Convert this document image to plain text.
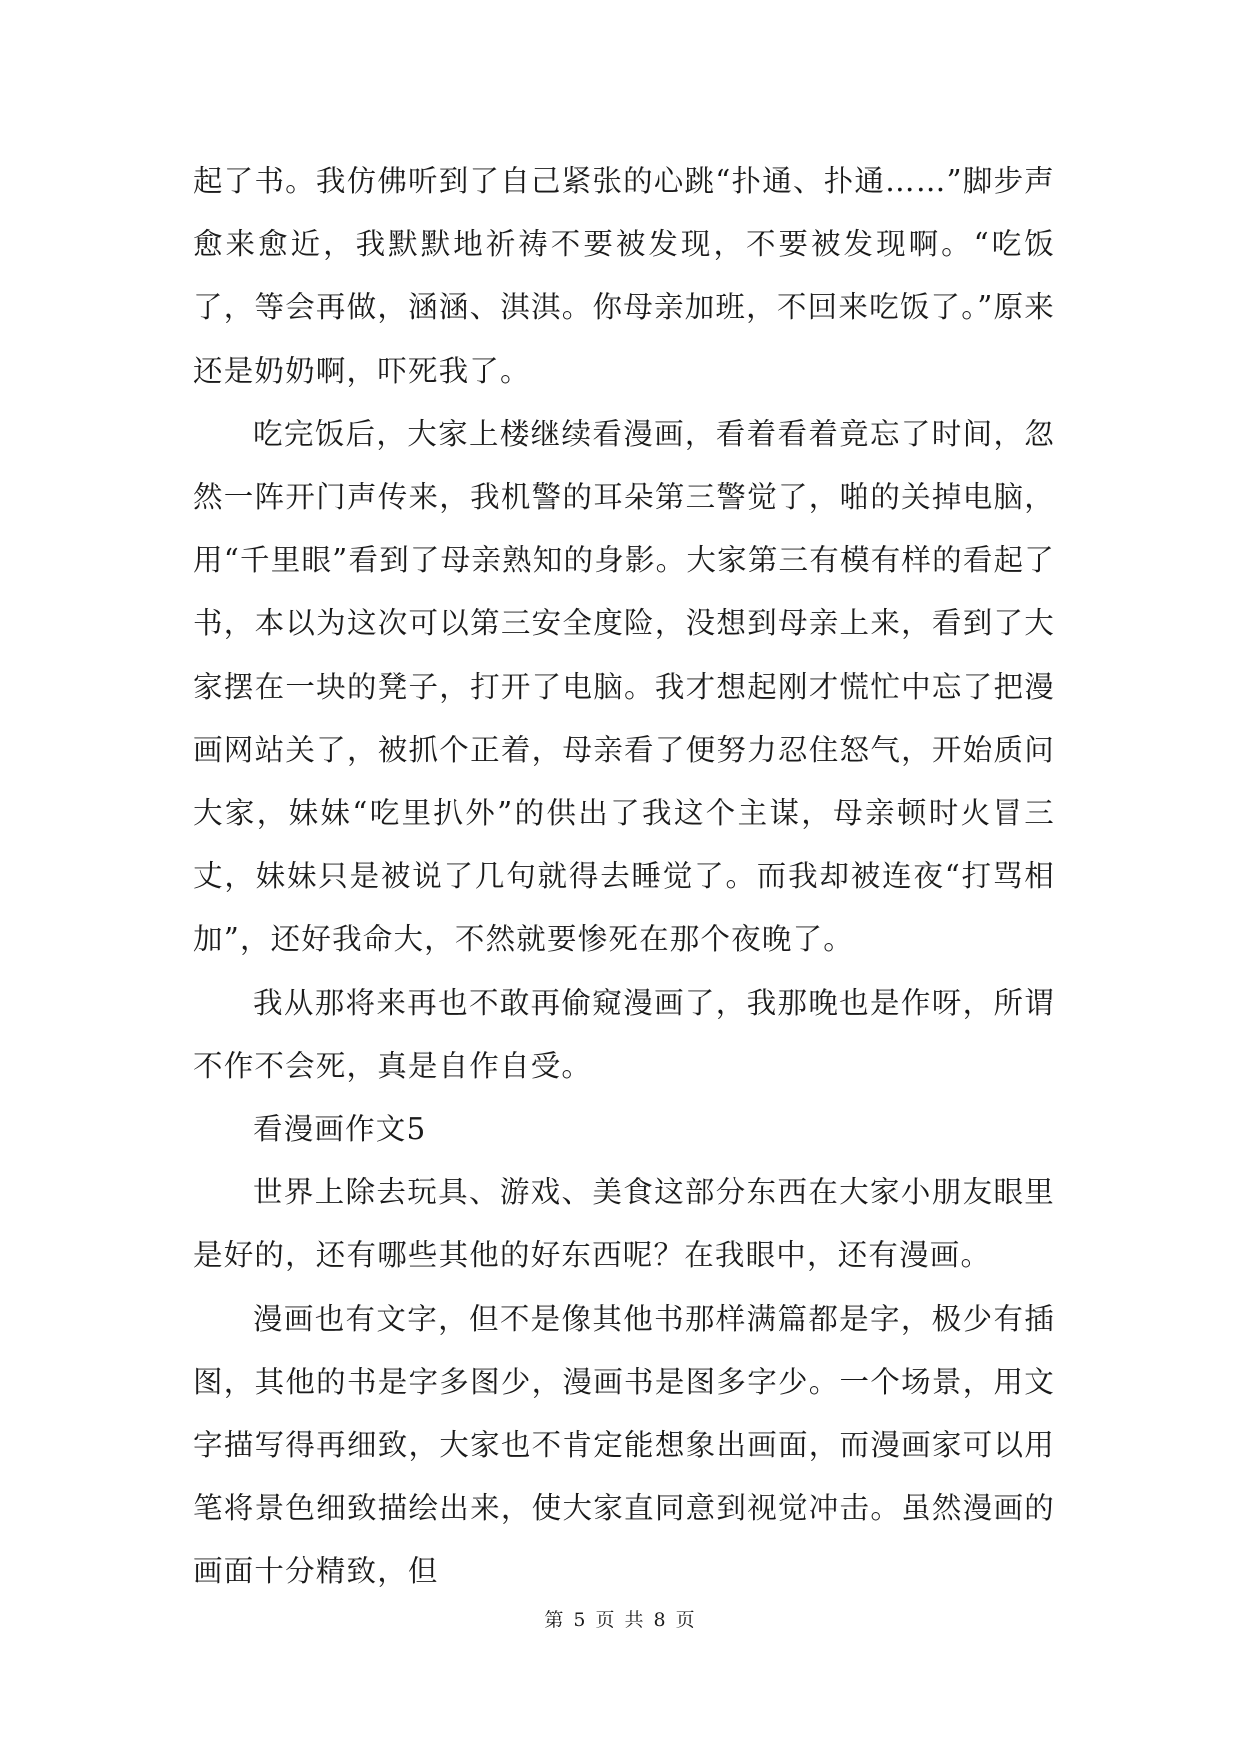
起了书。我仿佛听到了自己紧张的心跳“扑通、扑通……”脚步声愈来愈近，我默默地祈祷不要被发现，不要被发现啊。“吃饭了，等会再做，涵涵、淇淇。你母亲加班，不回来吃饭了。”原来还是奶奶啊，吓死我了。

吃完饭后，大家上楼继续看漫画，看着看着竟忘了时间，忽然一阵开门声传来，我机警的耳朵第三警觉了，啪的关掉电脑，用“千里眼”看到了母亲熟知的身影。大家第三有模有样的看起了书，本以为这次可以第三安全度险，没想到母亲上来，看到了大家摆在一块的凳子，打开了电脑。我才想起刚才慌忙中忘了把漫画网站关了，被抓个正着，母亲看了便努力忍住怒气，开始质问大家，妹妹“吃里扒外”的供出了我这个主谋，母亲顿时火冒三丈，妹妹只是被说了几句就得去睡觉了。而我却被连夜“打骂相加”，还好我命大，不然就要惨死在那个夜晚了。

我从那将来再也不敢再偷窥漫画了，我那晚也是作呀，所谓不作不会死，真是自作自受。

看漫画作文5

世界上除去玩具、游戏、美食这部分东西在大家小朋友眼里是好的，还有哪些其他的好东西呢？在我眼中，还有漫画。

漫画也有文字，但不是像其他书那样满篇都是字，极少有插图，其他的书是字多图少，漫画书是图多字少。一个场景，用文字描写得再细致，大家也不肯定能想象出画面，而漫画家可以用笔将景色细致描绘出来，使大家直同意到视觉冲击。虽然漫画的画面十分精致，但

第 5 页 共 8 页
